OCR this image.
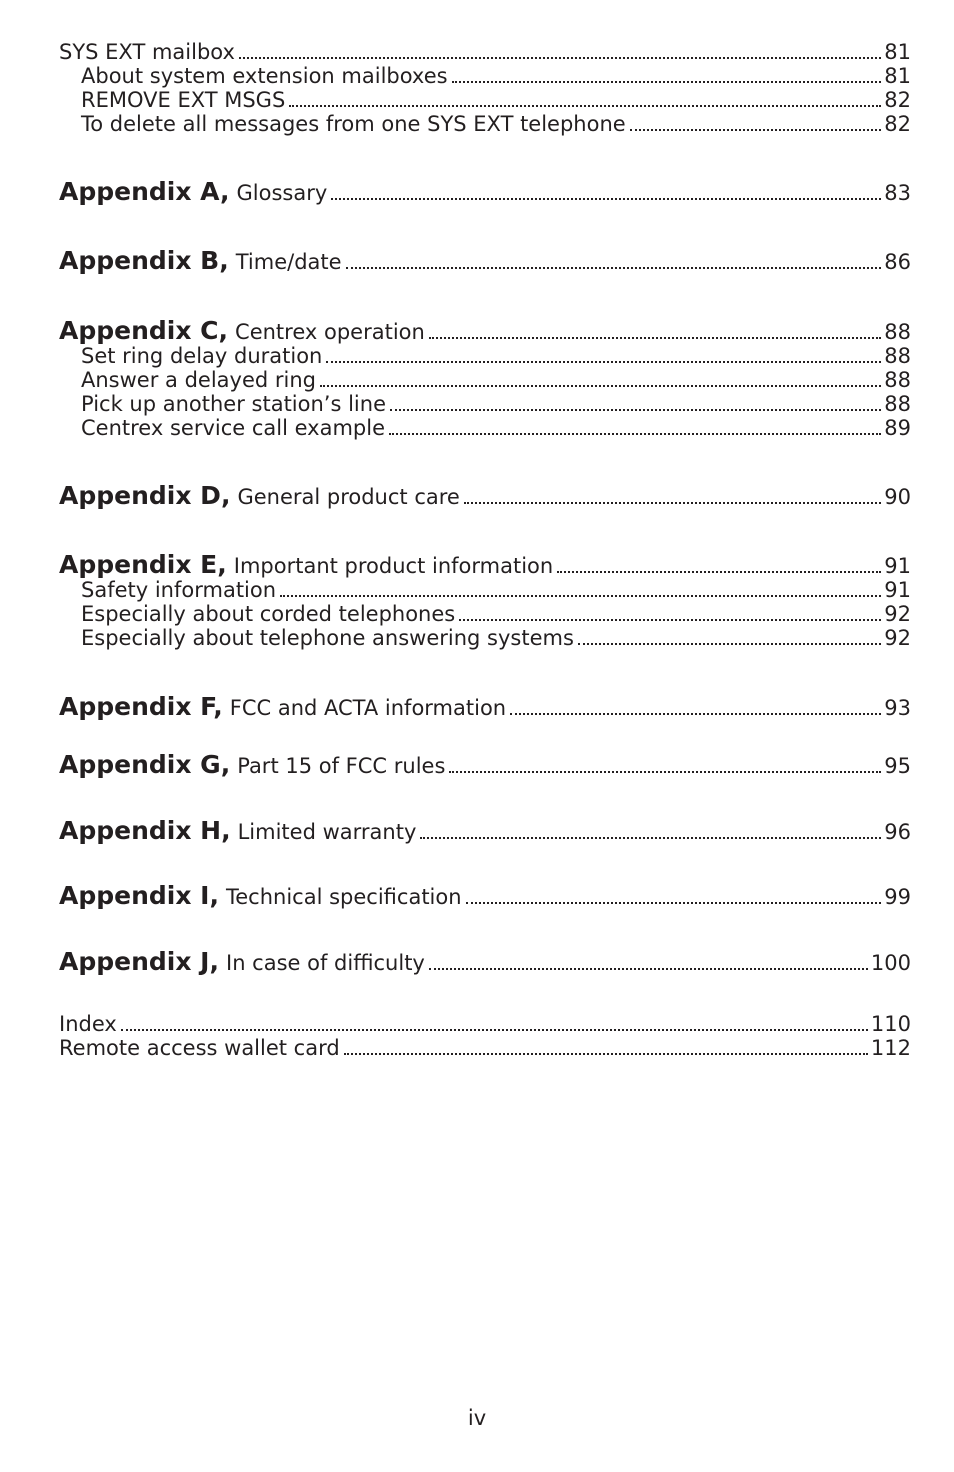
SYS EXT mailbox	81
About system extension mailboxes	81
REMOVE EXT MSGS	82
To delete all messages from one SYS EXT telephone	82
Appendix A, Glossary	83
Appendix B, Time/date	86
Appendix C, Centrex operation	88
Set ring delay duration	88
Answer a delayed ring	88
Pick up another station’s line	88
Centrex service call example	89
Appendix D, General product care	90
Appendix E, Important product information	91
Safety information	91
Especially about corded telephones	92
Especially about telephone answering systems	92
Appendix F, FCC and ACTA information	93
Appendix G, Part 15 of FCC rules	95
Appendix H, Limited warranty	96
Appendix I, Technical specification	99
Appendix J, In case of difficulty	100
Index	110
Remote access wallet card	112
iv
